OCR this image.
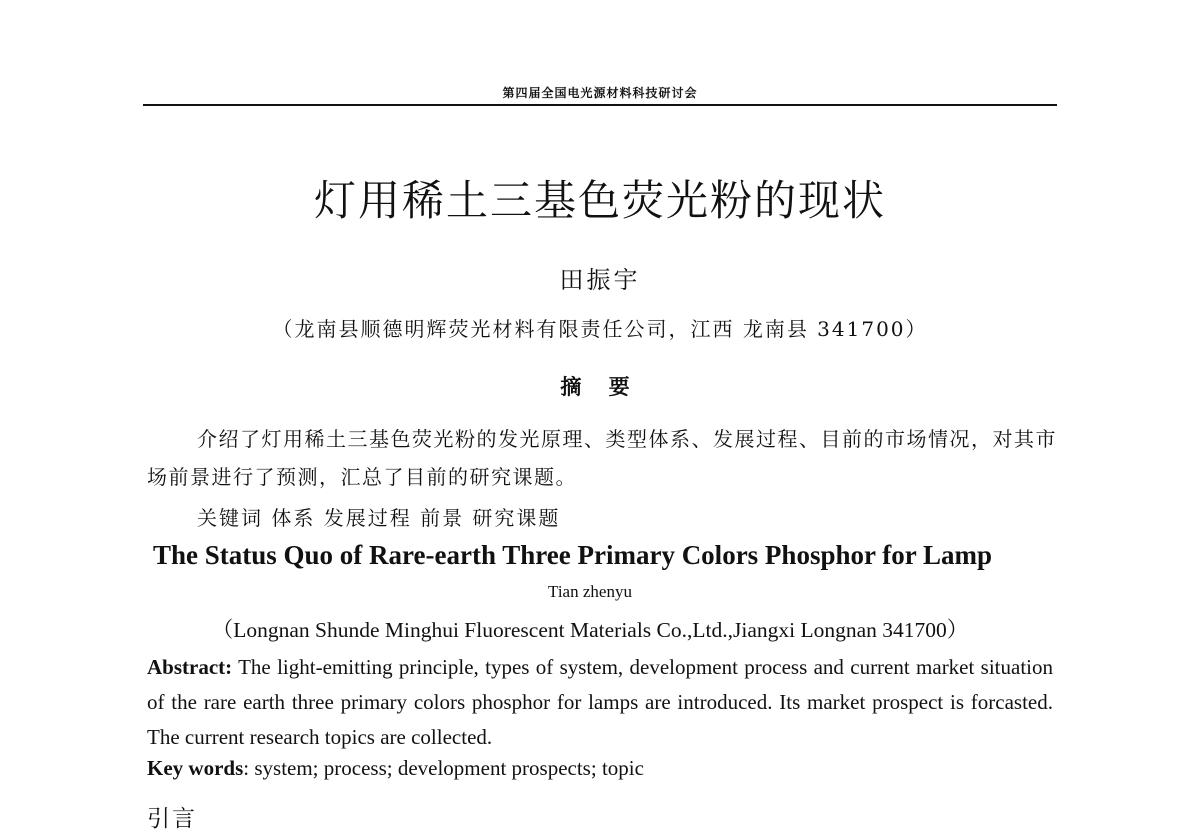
第四届全国电光源材料科技研讨会
灯用稀土三基色荧光粉的现状
田振宇
（龙南县顺德明辉荧光材料有限责任公司，江西 龙南县 341700）
摘 要
介绍了灯用稀土三基色荧光粉的发光原理、类型体系、发展过程、目前的市场情况，对其市场前景进行了预测，汇总了目前的研究课题。
关键词 体系 发展过程 前景 研究课题
The Status Quo of Rare-earth Three Primary Colors Phosphor for Lamp
Tian zhenyu
（Longnan Shunde Minghui Fluorescent Materials Co.,Ltd.,Jiangxi Longnan 341700）
Abstract: The light-emitting principle, types of system, development process and current market situation of the rare earth three primary colors phosphor for lamps are introduced. Its market prospect is forcasted. The current research topics are collected.
Key words: system; process; development prospects; topic
引言
